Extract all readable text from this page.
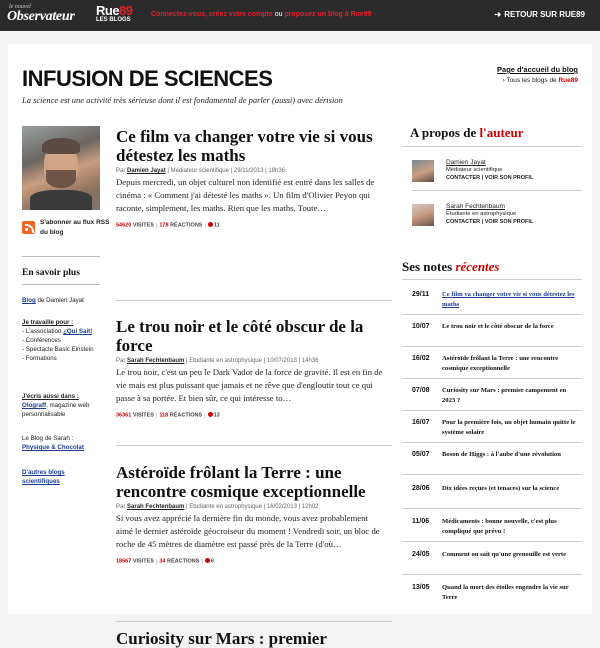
le nouvel
Observateur Rue89
LES BLOGS
Connectez-vous, créez votre compte ou proposez un blog à Rue89	➜ RETOUR SUR RUE89
INFUSION DE SCIENCES
La science est une activité très sérieuse dont il est fondamental de parler (aussi) avec dérision
Page d'accueil du blog
› Tous les blogs de Rue89
S'abonner au flux RSS du blog
En savoir plus
Blog de Damien Jayat
Je travaille pour :
- L'association ¿Qui Sait!
- Conférences
- Spectacle Basic Einstein
- Formations
J'écris aussi dans :
Olograff, magazine web personnalisable
Le Blog de Sarah :
Physique & Chocolat
D'autres blogs scientifiques
Ce film va changer votre vie si vous détestez les maths
Par Damien Jayat | Médiateur scientifique | 29/11/2013 | 18h36
Depuis mercredi, un objet culturel non identifié est entré dans les salles de cinéma : « Comment j'ai détesté les maths ». Un film d'Olivier Peyon qui raconte, simplement, les maths. Rien que les maths. Toute…
54620 VISITES | 178 RÉACTIONS | 11
Le trou noir et le côté obscur de la force
Par Sarah Fechtenbaum | Etudiante en astrophysique | 10/07/2013 | 14h36
Le trou noir, c'est un peu le Dark Vador de la force de gravité. Il est en fin de vie mais est plus puissant que jamais et ne rêve que d'engloutir tout ce qui passe à sa portée. Et bien sûr, ce qui intéresse to…
36361 VISITES | 118 RÉACTIONS | 13
Astéroïde frôlant la Terre : une rencontre cosmique exceptionnelle
Par Sarah Fechtenbaum | Etudiante en astrophysique | 16/02/2013 | 12h02
Si vous avez apprécié la dernière fin du monde, vous avez probablement aimé le dernier astéroïde géocroiseur du moment ! Vendredi soir, un bloc de roche de 45 mètres de diamètre est passé près de la Terre (d'où…
18667 VISITES | 34 RÉACTIONS | 6
Curiosity sur Mars : premier
A propos de l'auteur
Damien Jayat
Médiateur scientifique
CONTACTER | VOIR SON PROFIL
Sarah Fechtenbaum
Etudiante en astrophysique
CONTACTER | VOIR SON PROFIL
Ses notes récentes
29/11 Ce film va changer votre vie si vous détestez les maths
10/07 Le trou noir et le côté obscur de la force
16/02 Astéroïde frôlant la Terre : une rencontre cosmique exceptionnelle
07/08 Curiosity sur Mars : premier campement en 2023 ?
16/07 Pour la première fois, un objet humain quitte le système solaire
05/07 Boson de Higgs : à l'aube d'une révolution
28/06 Dix idées reçues (et tenaces) sur la science
11/06 Médicaments : bonne nouvelle, c'est plus compliqué que prévu !
24/05 Comment on sait qu'une grenouille est verte
13/05 Quand la mort des étoiles engendre la vie sur Terre
